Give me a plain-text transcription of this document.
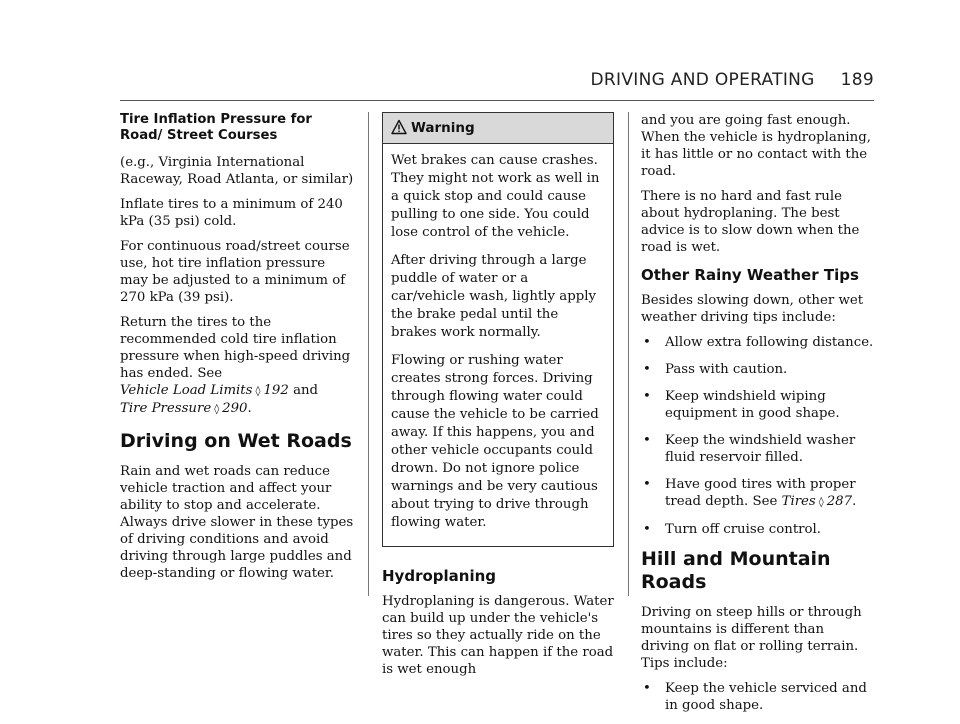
DRIVING AND OPERATING 189
Tire Inflation Pressure for Road/ Street Courses

(e.g., Virginia International Raceway, Road Atlanta, or similar)

Inflate tires to a minimum of 240 kPa (35 psi) cold.

For continuous road/street course use, hot tire inflation pressure may be adjusted to a minimum of 270 kPa (39 psi).

Return the tires to the recommended cold tire inflation pressure when high-speed driving has ended. See Vehicle Load Limits ◊ 192 and Tire Pressure ◊ 290.

Driving on Wet Roads

Rain and wet roads can reduce vehicle traction and affect your ability to stop and accelerate. Always drive slower in these types of driving conditions and avoid driving through large puddles and deep-standing or flowing water.

Warning

Wet brakes can cause crashes. They might not work as well in a quick stop and could cause pulling to one side. You could lose control of the vehicle.

After driving through a large puddle of water or a car/vehicle wash, lightly apply the brake pedal until the brakes work normally.

Flowing or rushing water creates strong forces. Driving through flowing water could cause the vehicle to be carried away. If this happens, you and other vehicle occupants could drown. Do not ignore police warnings and be very cautious about trying to drive through flowing water.

Hydroplaning

Hydroplaning is dangerous. Water can build up under the vehicle's tires so they actually ride on the water. This can happen if the road is wet enough

and you are going fast enough. When the vehicle is hydroplaning, it has little or no contact with the road.

There is no hard and fast rule about hydroplaning. The best advice is to slow down when the road is wet.

Other Rainy Weather Tips

Besides slowing down, other wet weather driving tips include:

• Allow extra following distance.
• Pass with caution.
• Keep windshield wiping equipment in good shape.
• Keep the windshield washer fluid reservoir filled.
• Have good tires with proper tread depth. See Tires ◊ 287.
• Turn off cruise control.
Hill and Mountain Roads

Driving on steep hills or through mountains is different than driving on flat or rolling terrain. Tips include:

• Keep the vehicle serviced and in good shape.
